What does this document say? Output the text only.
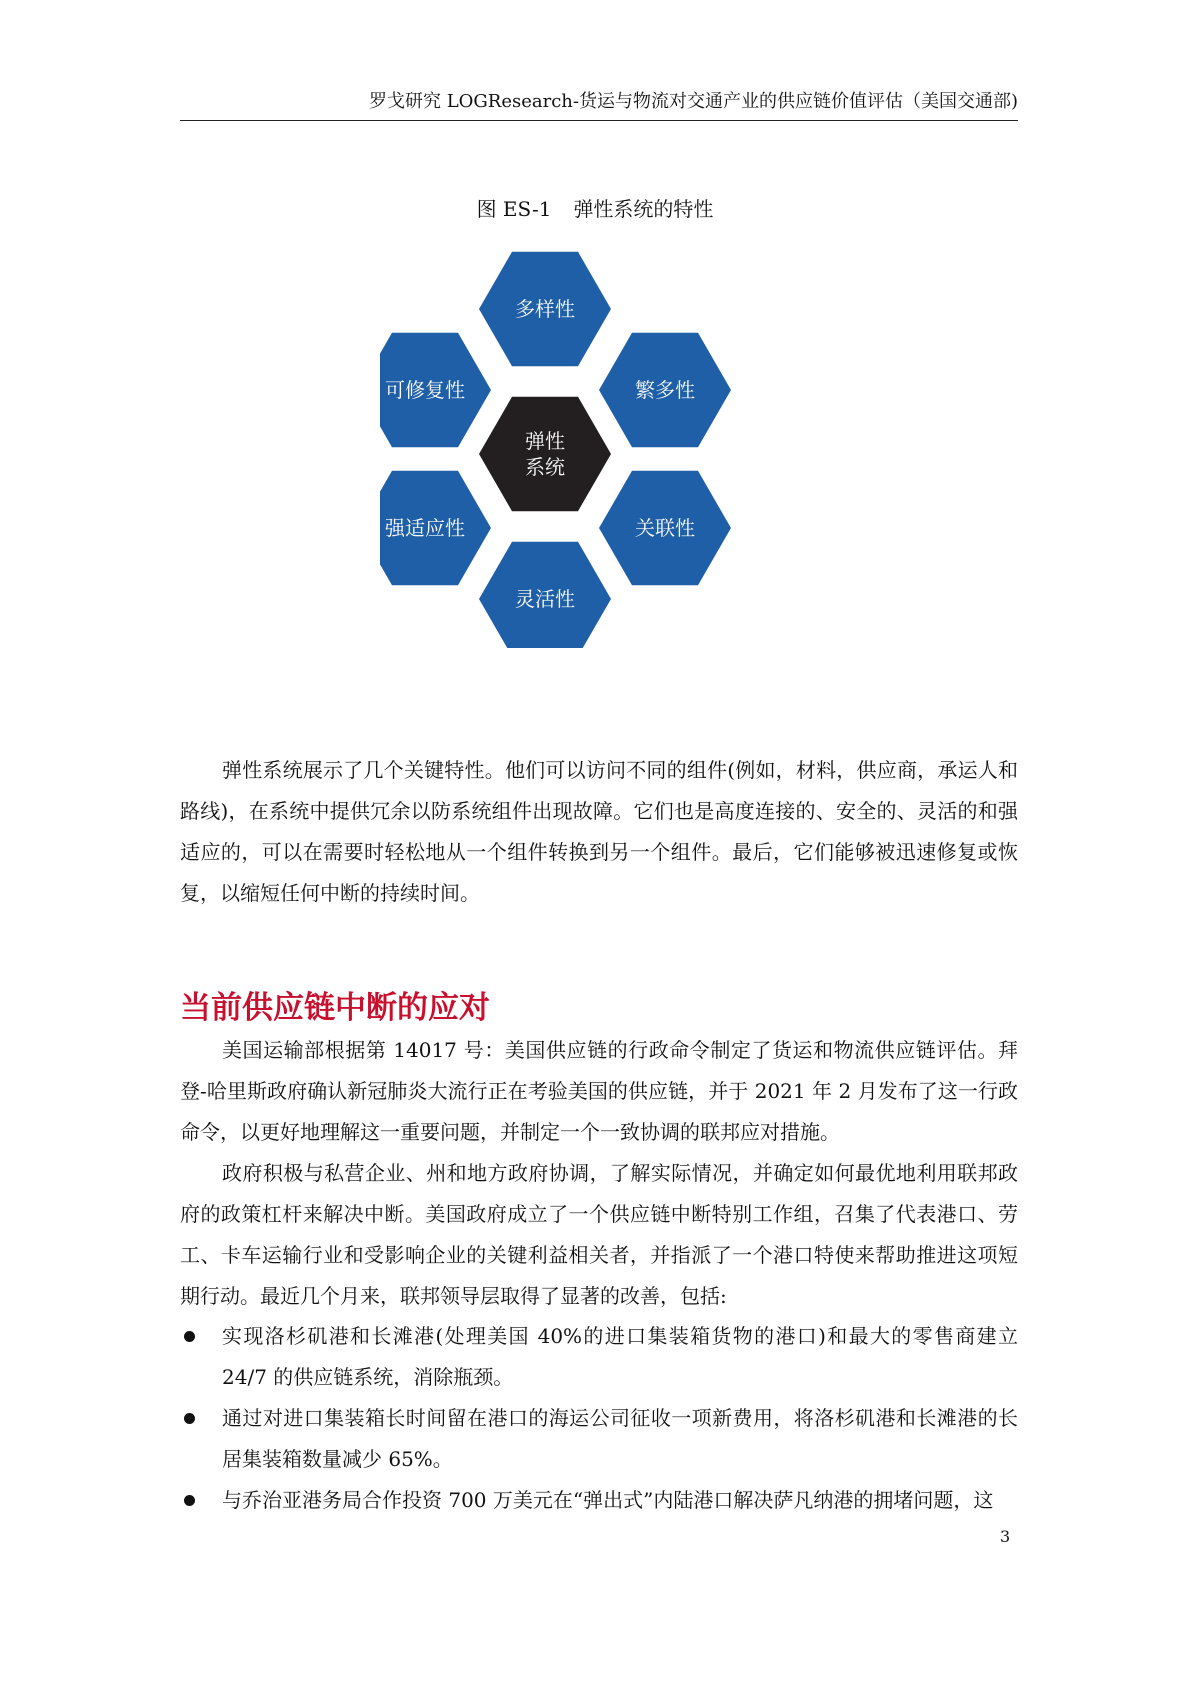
罗戈研究 LOGResearch-货运与物流对交通产业的供应链价值评估（美国交通部)
图 ES-1 弹性系统的特性
多样性
繁多性
关联性
灵活性
强适应性
可修复性
弹性
系统

弹性系统展示了几个关键特性。他们可以访问不同的组件(例如，材料，供应商，承运人和路线)，在系统中提供冗余以防系统组件出现故障。它们也是高度连接的、安全的、灵活的和强适应的，可以在需要时轻松地从一个组件转换到另一个组件。最后，它们能够被迅速修复或恢复，以缩短任何中断的持续时间。

当前供应链中断的应对

美国运输部根据第 14017 号：美国供应链的行政命令制定了货运和物流供应链评估。拜登-哈里斯政府确认新冠肺炎大流行正在考验美国的供应链，并于 2021 年 2 月发布了这一行政命令，以更好地理解这一重要问题，并制定一个一致协调的联邦应对措施。

政府积极与私营企业、州和地方政府协调，了解实际情况，并确定如何最优地利用联邦政府的政策杠杆来解决中断。美国政府成立了一个供应链中断特别工作组，召集了代表港口、劳工、卡车运输行业和受影响企业的关键利益相关者，并指派了一个港口特使来帮助推进这项短期行动。最近几个月来，联邦领导层取得了显著的改善，包括:

实现洛杉矶港和长滩港(处理美国 40%的进口集装箱货物的港口)和最大的零售商建立 24/7 的供应链系统，消除瓶颈。
通过对进口集装箱长时间留在港口的海运公司征收一项新费用，将洛杉矶港和长滩港的长居集装箱数量减少 65%。
与乔治亚港务局合作投资 700 万美元在“弹出式”内陆港口解决萨凡纳港的拥堵问题，这
3
